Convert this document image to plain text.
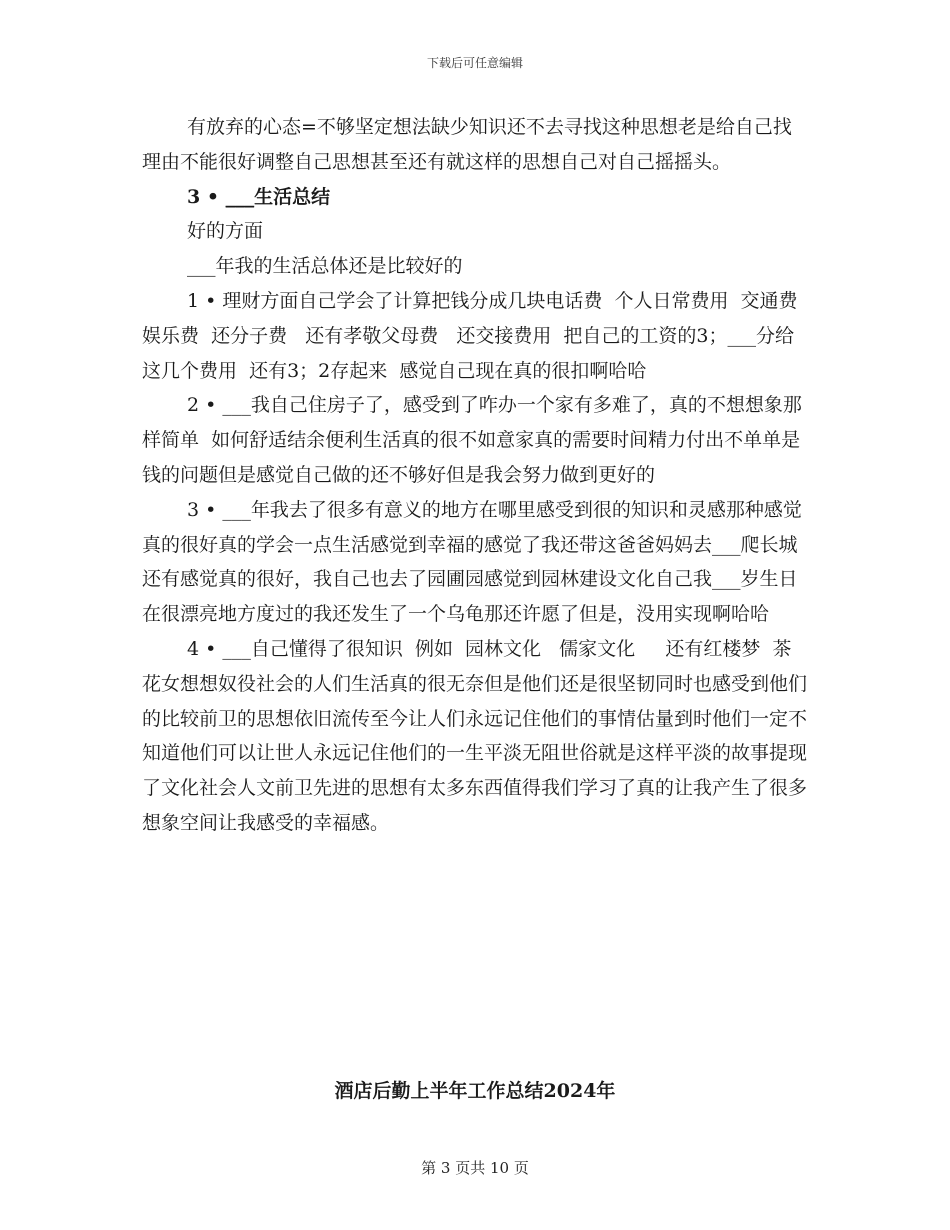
下载后可任意编辑

有放弃的心态=不够坚定想法缺少知识还不去寻找这种思想老是给自己找理由不能很好调整自己思想甚至还有就这样的思想自己对自己摇摇头。

3 • ___生活总结

好的方面

___年我的生活总体还是比较好的

1 • 理财方面自己学会了计算把钱分成几块电话费  个人日常费用  交通费   娱乐费  还分子费   还有孝敬父母费   还交接费用  把自己的工资的3；___分给这几个费用  还有3；2存起来  感觉自己现在真的很扣啊哈哈

2 • ___我自己住房子了，感受到了咋办一个家有多难了，真的不想想象那样简单  如何舒适结余便利生活真的很不如意家真的需要时间精力付出不单单是钱的问题但是感觉自己做的还不够好但是我会努力做到更好的

3 • ___年我去了很多有意义的地方在哪里感受到很的知识和灵感那种感觉真的很好真的学会一点生活感觉到幸福的感觉了我还带这爸爸妈妈去___爬长城还有感觉真的很好，我自己也去了园圃园感觉到园林建设文化自己我___岁生日在很漂亮地方度过的我还发生了一个乌龟那还许愿了但是，没用实现啊哈哈

4 • ___自己懂得了很知识  例如  园林文化   儒家文化     还有红楼梦  茶花女想想奴役社会的人们生活真的很无奈但是他们还是很坚韧同时也感受到他们的比较前卫的思想依旧流传至今让人们永远记住他们的事情估量到时他们一定不知道他们可以让世人永远记住他们的一生平淡无阻世俗就是这样平淡的故事提现了文化社会人文前卫先进的思想有太多东西值得我们学习了真的让我产生了很多想象空间让我感受的幸福感。

酒店后勤上半年工作总结2024年
第 3 页共 10 页
